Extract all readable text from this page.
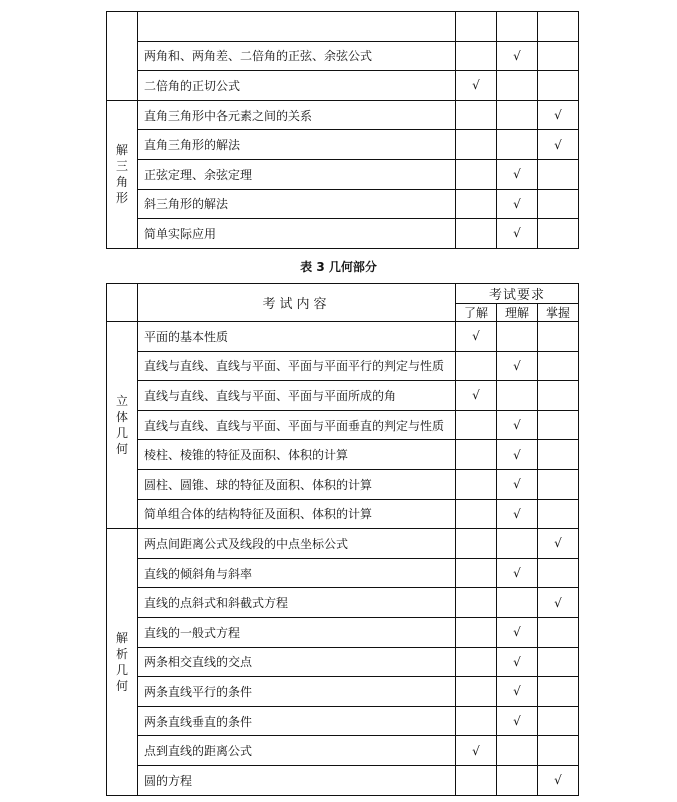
	两角和、两角差、二倍角的正弦、余弦公式		√	
	二倍角的正切公式	√		

解三角形	直角三角形中各元素之间的关系			√
	直角三角形的解法			√
	正弦定理、余弦定理		√	
	斜三角形的解法		√	
	简单实际应用		√	
表 3 几何部分
	考试内容	考试要求		
		了解	理解	掌握

立体几何	平面的基本性质	√		
	直线与直线、直线与平面、平面与平面平行的判定与性质		√	
	直线与直线、直线与平面、平面与平面所成的角	√		
	直线与直线、直线与平面、平面与平面垂直的判定与性质		√	
	棱柱、棱锥的特征及面积、体积的计算		√	
	圆柱、圆锥、球的特征及面积、体积的计算		√	
	简单组合体的结构特征及面积、体积的计算		√	

解析几何	两点间距离公式及线段的中点坐标公式			√
	直线的倾斜角与斜率		√	
	直线的点斜式和斜截式方程			√
	直线的一般式方程		√	
	两条相交直线的交点		√	
	两条直线平行的条件		√	
	两条直线垂直的条件		√	
	点到直线的距离公式	√		
	圆的方程			√
